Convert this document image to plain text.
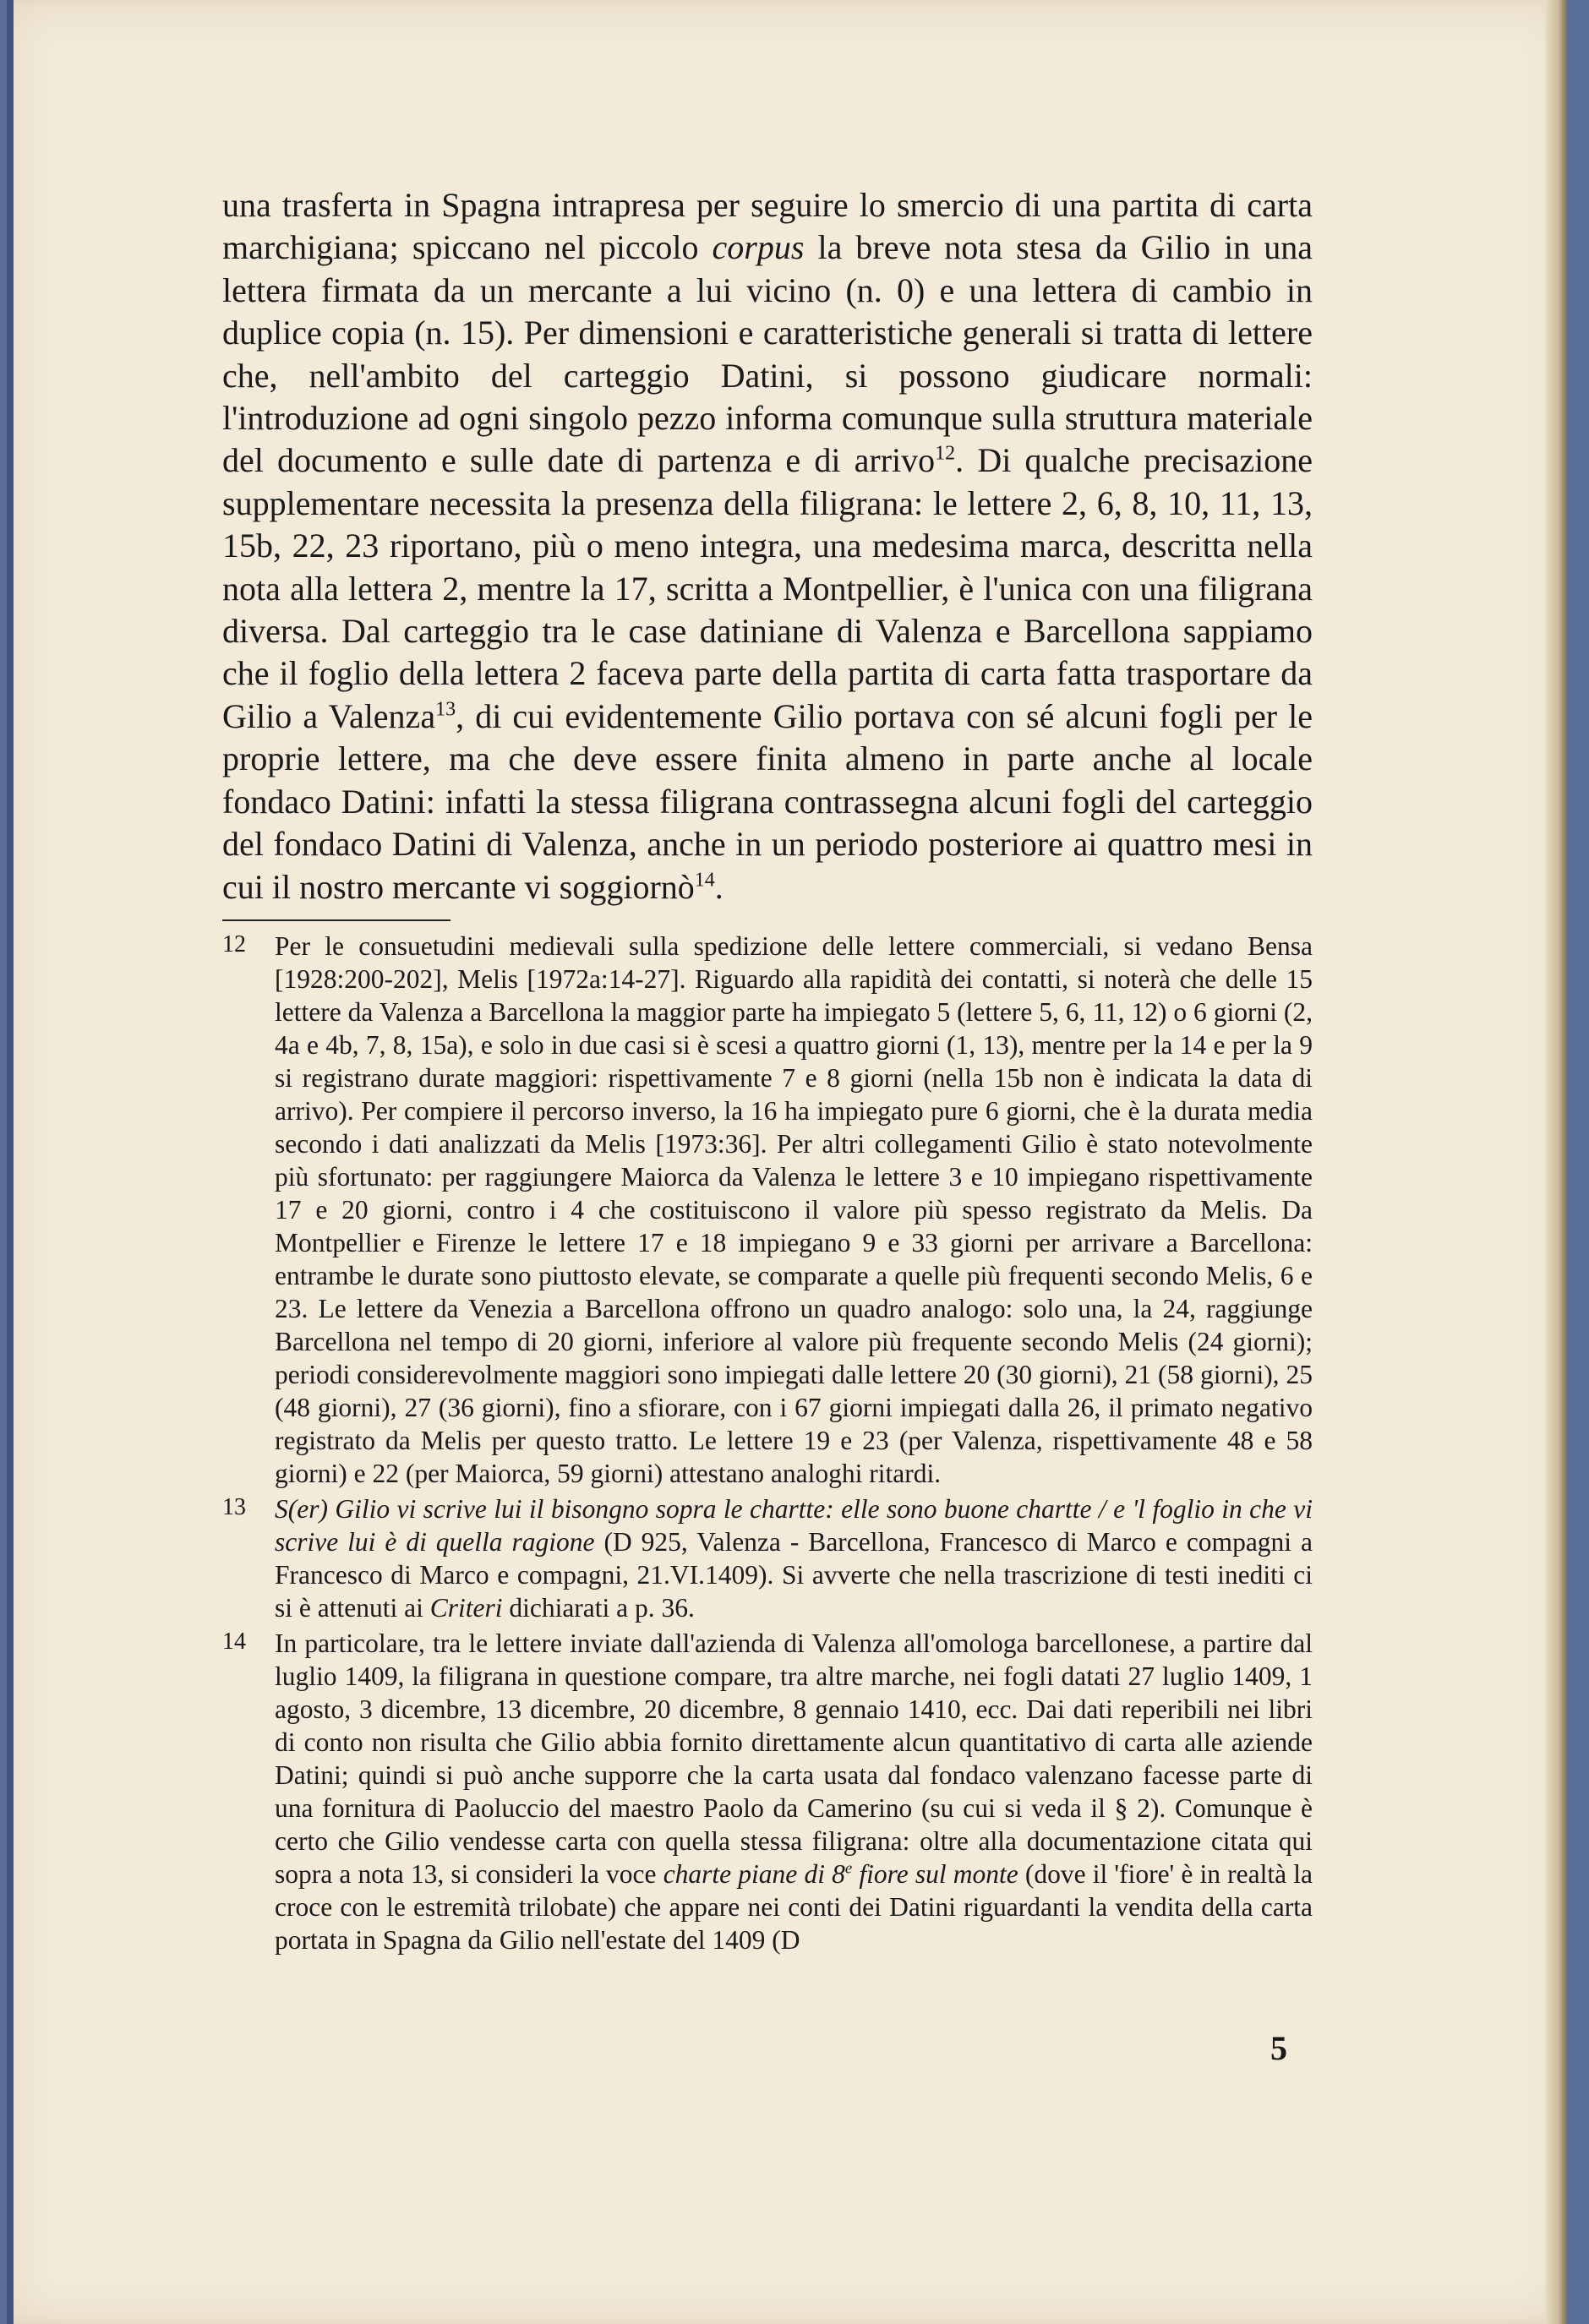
una trasferta in Spagna intrapresa per seguire lo smercio di una partita di carta marchigiana; spiccano nel piccolo corpus la breve nota stesa da Gilio in una lettera firmata da un mercante a lui vicino (n. 0) e una lettera di cambio in duplice copia (n. 15). Per dimensioni e caratteristiche generali si tratta di lettere che, nell'ambito del carteggio Datini, si possono giudicare normali: l'introduzione ad ogni singolo pezzo informa comunque sulla struttura materiale del documento e sulle date di partenza e di arrivo$^{12}$. Di qualche precisazione supplementare necessita la presenza della filigrana: le lettere 2, 6, 8, 10, 11, 13, 15b, 22, 23 riportano, più o meno integra, una medesima marca, descritta nella nota alla lettera 2, mentre la 17, scritta a Montpellier, è l'unica con una filigrana diversa. Dal carteggio tra le case datiniane di Valenza e Barcellona sappiamo che il foglio della lettera 2 faceva parte della partita di carta fatta trasportare da Gilio a Valenza$^{13}$, di cui evidentemente Gilio portava con sé alcuni fogli per le proprie lettere, ma che deve essere finita almeno in parte anche al locale fondaco Datini: infatti la stessa filigrana contrassegna alcuni fogli del carteggio del fondaco Datini di Valenza, anche in un periodo posteriore ai quattro mesi in cui il nostro mercante vi soggiornò$^{14}$.

12 Per le consuetudini medievali sulla spedizione delle lettere commerciali, si vedano Bensa [1928:200-202], Melis [1972a:14-27]. Riguardo alla rapidità dei contatti, si noterà che delle 15 lettere da Valenza a Barcellona la maggior parte ha impiegato 5 (lettere 5, 6, 11, 12) o 6 giorni (2, 4a e 4b, 7, 8, 15a), e solo in due casi si è scesi a quattro giorni (1, 13), mentre per la 14 e per la 9 si registrano durate maggiori: rispettivamente 7 e 8 giorni (nella 15b non è indicata la data di arrivo). Per compiere il percorso inverso, la 16 ha impiegato pure 6 giorni, che è la durata media secondo i dati analizzati da Melis [1973:36]. Per altri collegamenti Gilio è stato notevolmente più sfortunato: per raggiungere Maiorca da Valenza le lettere 3 e 10 impiegano rispettivamente 17 e 20 giorni, contro i 4 che costituiscono il valore più spesso registrato da Melis. Da Montpellier e Firenze le lettere 17 e 18 impiegano 9 e 33 giorni per arrivare a Barcellona: entrambe le durate sono piuttosto elevate, se comparate a quelle più frequenti secondo Melis, 6 e 23. Le lettere da Venezia a Barcellona offrono un quadro analogo: solo una, la 24, raggiunge Barcellona nel tempo di 20 giorni, inferiore al valore più frequente secondo Melis (24 giorni); periodi considerevolmente maggiori sono impiegati dalle lettere 20 (30 giorni), 21 (58 giorni), 25 (48 giorni), 27 (36 giorni), fino a sfiorare, con i 67 giorni impiegati dalla 26, il primato negativo registrato da Melis per questo tratto. Le lettere 19 e 23 (per Valenza, rispettivamente 48 e 58 giorni) e 22 (per Maiorca, 59 giorni) attestano analoghi ritardi.

13 S(er) Gilio vi scrive lui il bisongno sopra le chartte: elle sono buone chartte / e 'l foglio in che vi scrive lui è di quella ragione (D 925, Valenza - Barcellona, Francesco di Marco e compagni a Francesco di Marco e compagni, 21.VI.1409). Si avverte che nella trascrizione di testi inediti ci si è attenuti ai Criteri dichiarati a p. 36.

14 In particolare, tra le lettere inviate dall'azienda di Valenza all'omologa barcellonese, a partire dal luglio 1409, la filigrana in questione compare, tra altre marche, nei fogli datati 27 luglio 1409, 1 agosto, 3 dicembre, 13 dicembre, 20 dicembre, 8 gennaio 1410, ecc. Dai dati reperibili nei libri di conto non risulta che Gilio abbia fornito direttamente alcun quantitativo di carta alle aziende Datini; quindi si può anche supporre che la carta usata dal fondaco valenzano facesse parte di una fornitura di Paoluccio del maestro Paolo da Camerino (su cui si veda il § 2). Comunque è certo che Gilio vendesse carta con quella stessa filigrana: oltre alla documentazione citata qui sopra a nota 13, si consideri la voce charte piane di 8e fiore sul monte (dove il 'fiore' è in realtà la croce con le estremità trilobate) che appare nei conti dei Datini riguardanti la vendita della carta portata in Spagna da Gilio nell'estate del 1409 (D

5
